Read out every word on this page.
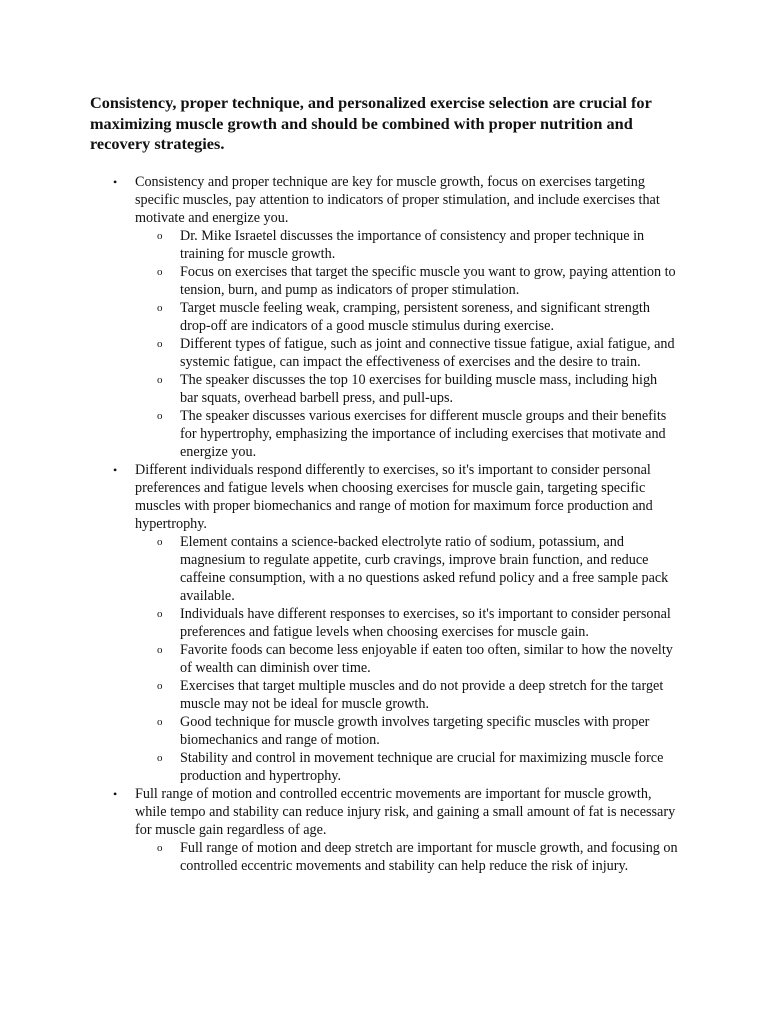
Consistency, proper technique, and personalized exercise selection are crucial for maximizing muscle growth and should be combined with proper nutrition and recovery strategies.
• Consistency and proper technique are key for muscle growth, focus on exercises targeting specific muscles, pay attention to indicators of proper stimulation, and include exercises that motivate and energize you.
o Dr. Mike Israetel discusses the importance of consistency and proper technique in training for muscle growth.
o Focus on exercises that target the specific muscle you want to grow, paying attention to tension, burn, and pump as indicators of proper stimulation.
o Target muscle feeling weak, cramping, persistent soreness, and significant strength drop-off are indicators of a good muscle stimulus during exercise.
o Different types of fatigue, such as joint and connective tissue fatigue, axial fatigue, and systemic fatigue, can impact the effectiveness of exercises and the desire to train.
o The speaker discusses the top 10 exercises for building muscle mass, including high bar squats, overhead barbell press, and pull-ups.
o The speaker discusses various exercises for different muscle groups and their benefits for hypertrophy, emphasizing the importance of including exercises that motivate and energize you.
• Different individuals respond differently to exercises, so it's important to consider personal preferences and fatigue levels when choosing exercises for muscle gain, targeting specific muscles with proper biomechanics and range of motion for maximum force production and hypertrophy.
o Element contains a science-backed electrolyte ratio of sodium, potassium, and magnesium to regulate appetite, curb cravings, improve brain function, and reduce caffeine consumption, with a no questions asked refund policy and a free sample pack available.
o Individuals have different responses to exercises, so it's important to consider personal preferences and fatigue levels when choosing exercises for muscle gain.
o Favorite foods can become less enjoyable if eaten too often, similar to how the novelty of wealth can diminish over time.
o Exercises that target multiple muscles and do not provide a deep stretch for the target muscle may not be ideal for muscle growth.
o Good technique for muscle growth involves targeting specific muscles with proper biomechanics and range of motion.
o Stability and control in movement technique are crucial for maximizing muscle force production and hypertrophy.
• Full range of motion and controlled eccentric movements are important for muscle growth, while tempo and stability can reduce injury risk, and gaining a small amount of fat is necessary for muscle gain regardless of age.
o Full range of motion and deep stretch are important for muscle growth, and focusing on controlled eccentric movements and stability can help reduce the risk of injury.
